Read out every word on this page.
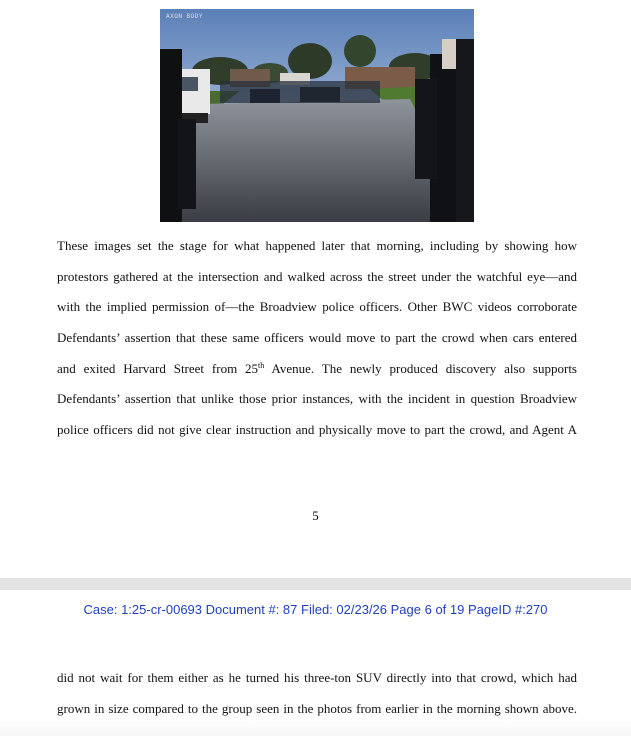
AXON BODY

These images set the stage for what happened later that morning, including by showing how
protestors gathered at the intersection and walked across the street under the watchful eye—and
with the implied permission of—the Broadview police officers. Other BWC videos corroborate
Defendants’ assertion that these same officers would move to part the crowd when cars entered
and exited Harvard Street from 25th Avenue. The newly produced discovery also supports
Defendants’ assertion that unlike those prior instances, with the incident in question Broadview
police officers did not give clear instruction and physically move to part the crowd, and Agent A

5
Case: 1:25-cr-00693 Document #: 87 Filed: 02/23/26 Page 6 of 19 PageID #:270

did not wait for them either as he turned his three-ton SUV directly into that crowd, which had
grown in size compared to the group seen in the photos from earlier in the morning shown above.
